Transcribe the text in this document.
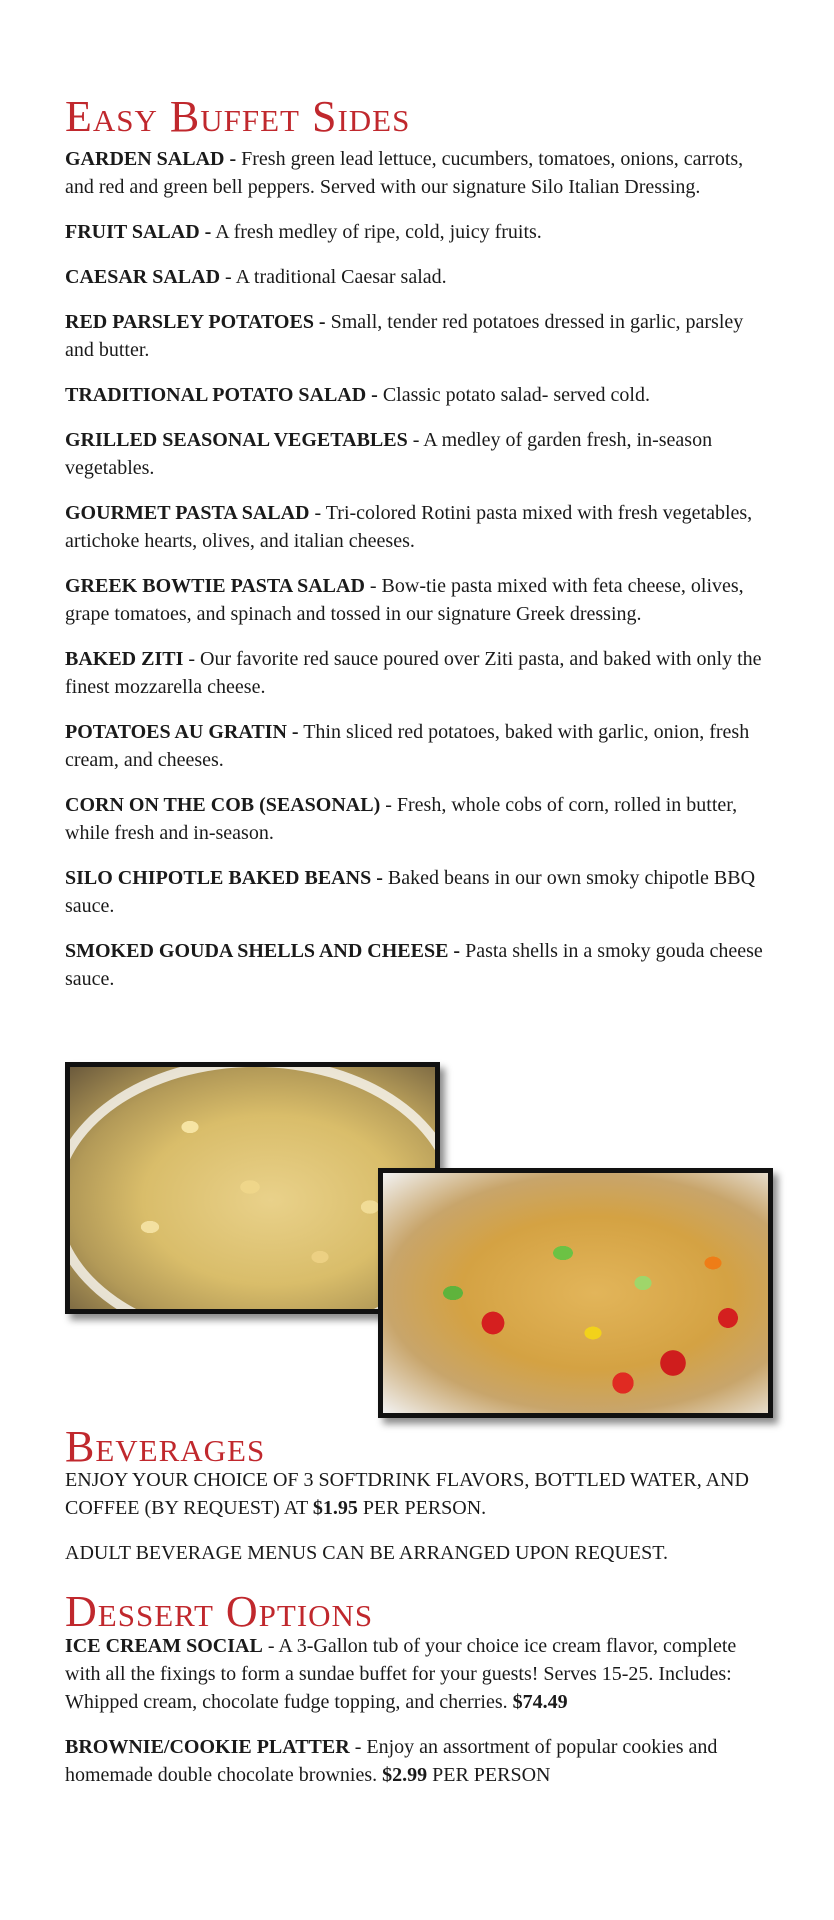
Easy Buffet Sides

GARDEN SALAD - Fresh green lead lettuce, cucumbers, tomatoes, onions, carrots, and red and green bell peppers. Served with our signature Silo Italian Dressing.

FRUIT SALAD - A fresh medley of ripe, cold, juicy fruits.

CAESAR SALAD - A traditional Caesar salad.

RED PARSLEY POTATOES - Small, tender red potatoes dressed in garlic, parsley and butter.

TRADITIONAL POTATO SALAD - Classic potato salad- served cold.

GRILLED SEASONAL VEGETABLES - A medley of garden fresh, in-season vegetables.

GOURMET PASTA SALAD - Tri-colored Rotini pasta mixed with fresh vegetables, artichoke hearts, olives, and italian cheeses.

GREEK BOWTIE PASTA SALAD - Bow-tie pasta mixed with feta cheese, olives, grape tomatoes, and spinach and tossed in our signature Greek dressing.

BAKED ZITI - Our favorite red sauce poured over Ziti pasta, and baked with only the finest mozzarella cheese.

POTATOES AU GRATIN - Thin sliced red potatoes, baked with garlic, onion, fresh cream, and cheeses.

CORN ON THE COB (SEASONAL) - Fresh, whole cobs of corn, rolled in butter, while fresh and in-season.

SILO CHIPOTLE BAKED BEANS - Baked beans in our own smoky chipotle BBQ sauce.

SMOKED GOUDA SHELLS AND CHEESE - Pasta shells in a smoky gouda cheese sauce.

Beverages

ENJOY YOUR CHOICE OF 3 SOFTDRINK FLAVORS, BOTTLED WATER, AND COFFEE (BY REQUEST) AT $1.95 PER PERSON.

ADULT BEVERAGE MENUS CAN BE ARRANGED UPON REQUEST.

Dessert Options

ICE CREAM SOCIAL - A 3-Gallon tub of your choice ice cream flavor, complete with all the fixings to form a sundae buffet for your guests! Serves 15-25. Includes: Whipped cream, chocolate fudge topping, and cherries. $74.49

BROWNIE/COOKIE PLATTER - Enjoy an assortment of popular cookies and homemade double chocolate brownies. $2.99 PER PERSON
